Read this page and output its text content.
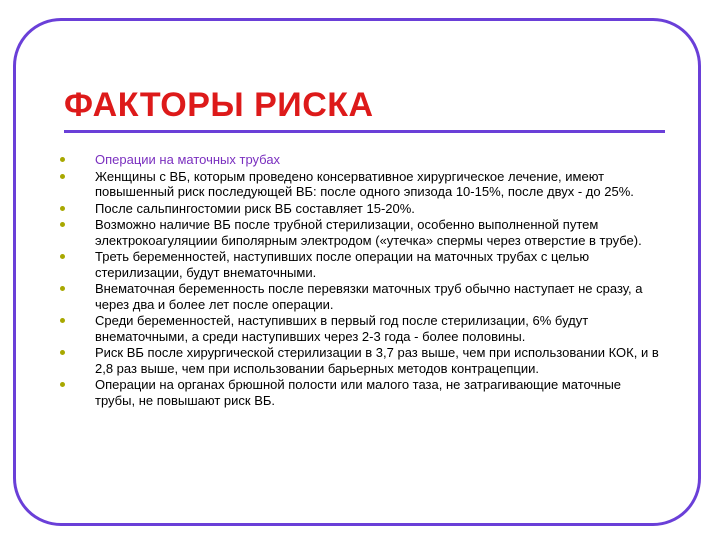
ФАКТОРЫ РИСКА
Операции на маточных трубах
Женщины с ВБ, которым проведено консервативное хирургическое лечение, имеют повышенный риск последующей ВБ: после одного эпизода 10-15%, после двух - до 25%.
После сальпингостомии риск ВБ составляет 15-20%.
Возможно наличие ВБ после трубной стерилизации, особенно выполненной путем электрокоагуляциии биполярным электродом («утечка» спермы через отверстие в трубе).
Треть беременностей, наступивших после операции на маточных трубах с целью стерилизации, будут внематочными.
Внематочная беременность после перевязки маточных труб обычно наступает не сразу, а через два и более лет после операции.
Среди беременностей, наступивших в первый год после стерилизации, 6% будут внематочными, а среди наступивших через 2-3 года - более половины.
Риск ВБ после хирургической стерилизации в 3,7 раз выше, чем при использовании КОК, и в 2,8 раз выше, чем при использовании барьерных методов контрацепции.
Операции на органах брюшной полости или малого таза, не затрагивающие маточные трубы, не повышают риск ВБ.
